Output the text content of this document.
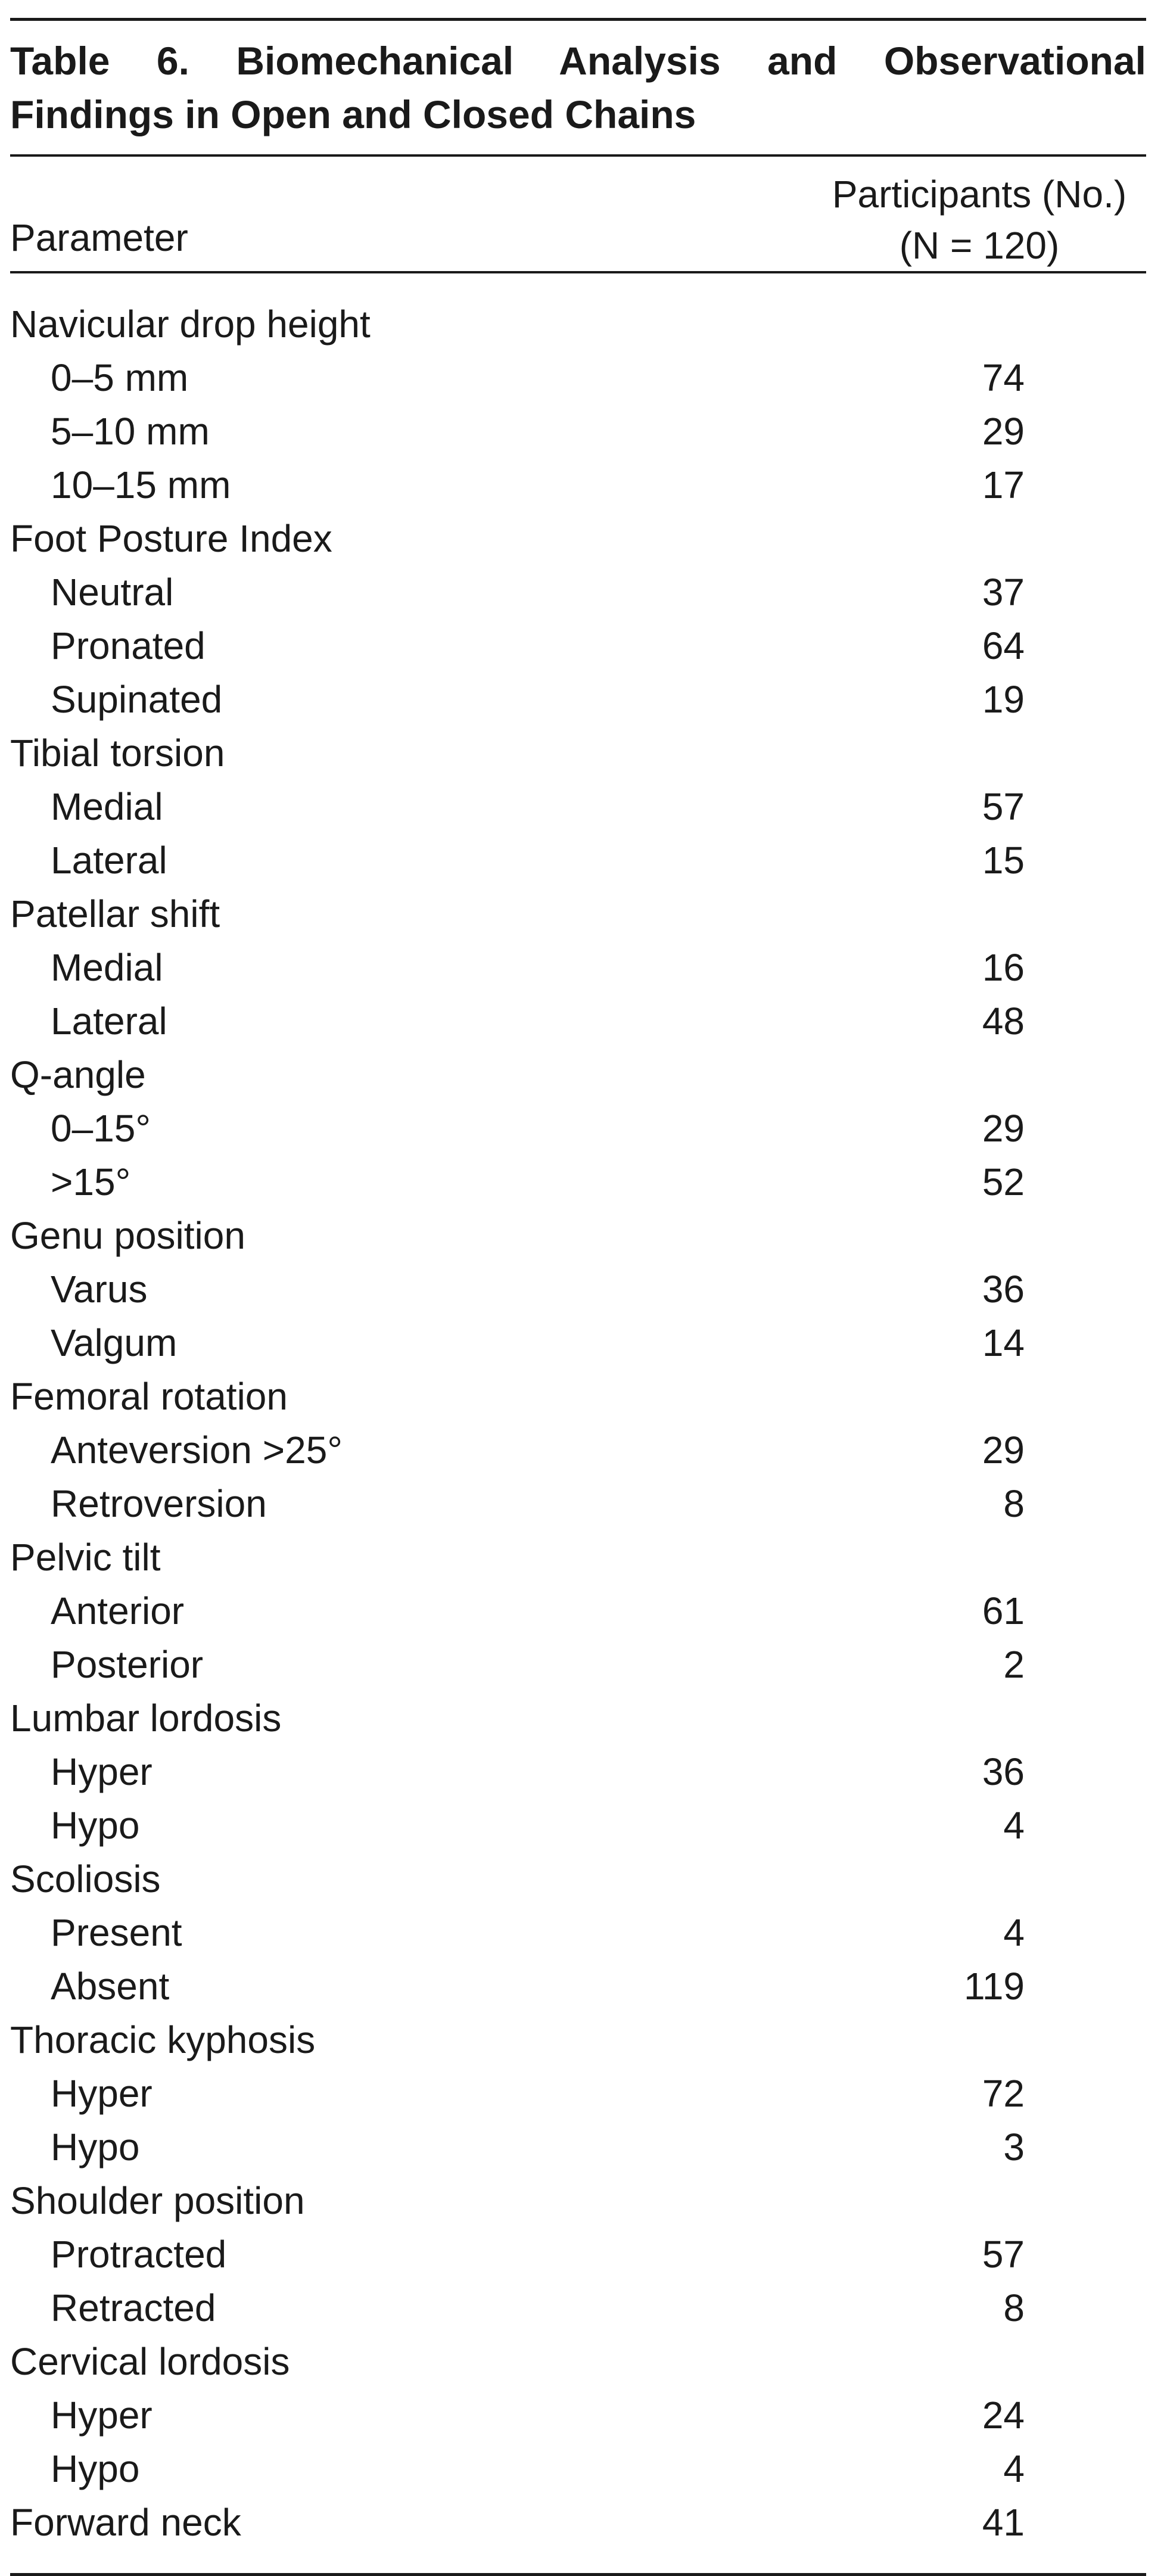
Table 6. Biomechanical Analysis and Observational
Findings in Open and Closed Chains
Parameter
Participants (No.)
(N = 120)
Navicular drop height
0–5 mm	74
5–10 mm	29
10–15 mm	17
Foot Posture Index
Neutral	37
Pronated	64
Supinated	19
Tibial torsion
Medial	57
Lateral	15
Patellar shift
Medial	16
Lateral	48
Q-angle
0–15°	29
>15°	52
Genu position
Varus	36
Valgum	14
Femoral rotation
Anteversion >25°	29
Retroversion	8
Pelvic tilt
Anterior	61
Posterior	2
Lumbar lordosis
Hyper	36
Hypo	4
Scoliosis
Present	4
Absent	119
Thoracic kyphosis
Hyper	72
Hypo	3
Shoulder position
Protracted	57
Retracted	8
Cervical lordosis
Hyper	24
Hypo	4
Forward neck	41
